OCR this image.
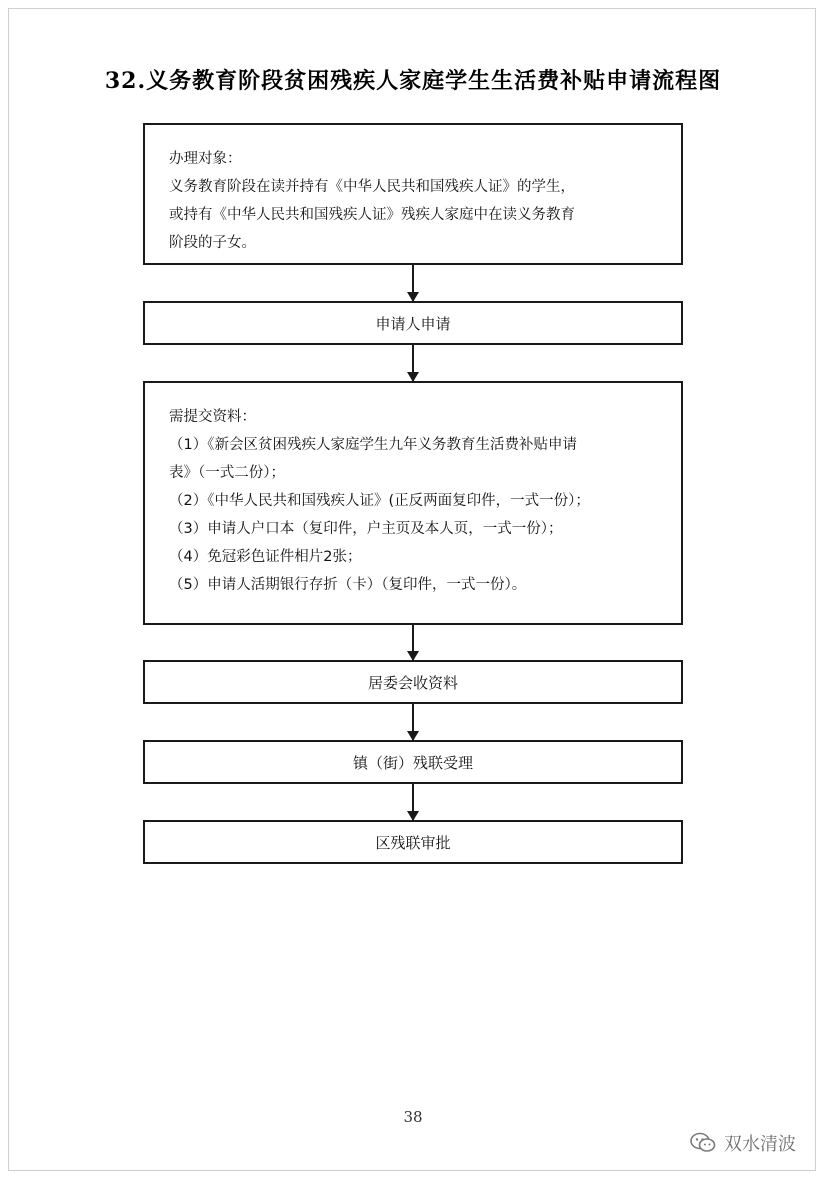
32.义务教育阶段贫困残疾人家庭学生生活费补贴申请流程图
办理对象：
义务教育阶段在读并持有《中华人民共和国残疾人证》的学生，
或持有《中华人民共和国残疾人证》残疾人家庭中在读义务教育
阶段的子女。
申请人申请
需提交资料：
（1）《新会区贫困残疾人家庭学生九年义务教育生活费补贴申请
表》（一式二份）；
（2）《中华人民共和国残疾人证》(正反两面复印件，一式一份）；
（3）申请人户口本（复印件，户主页及本人页，一式一份）；
（4）免冠彩色证件相片2张；
（5）申请人活期银行存折（卡）（复印件，一式一份）。
居委会收资料
镇（街）残联受理
区残联审批
38
双水清波
